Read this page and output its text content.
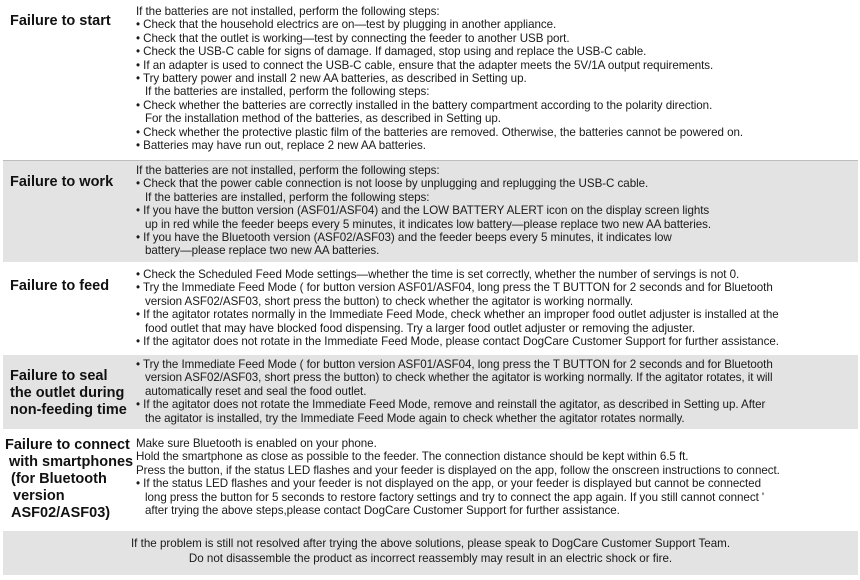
Failure to start
If the batteries are not installed, perform the following steps:
• Check that the household electrics are on—test by plugging in another appliance.
• Check that the outlet is working—test by connecting the feeder to another USB port.
• Check the USB-C cable for signs of damage. If damaged, stop using and replace the USB-C cable.
• If an adapter is used to connect the USB-C cable, ensure that the adapter meets the 5V/1A output requirements.
• Try battery power and install 2 new AA batteries, as described in Setting up.
If the batteries are installed, perform the following steps:
• Check whether the batteries are correctly installed in the battery compartment according to the polarity direction.
For the installation method of the batteries, as described in Setting up.
• Check whether the protective plastic film of the batteries are removed. Otherwise, the batteries cannot be powered on.
• Batteries may have run out, replace 2 new AA batteries.
Failure to work
If the batteries are not installed, perform the following steps:
• Check that the power cable connection is not loose by unplugging and replugging the USB-C cable.
If the batteries are installed, perform the following steps:
• If you have the button version (ASF01/ASF04) and the LOW BATTERY ALERT icon on the display screen lights
up in red while the feeder beeps every 5 minutes, it indicates low battery—please replace two new AA batteries.
• If you have the Bluetooth version (ASF02/ASF03) and the feeder beeps every 5 minutes, it indicates low
battery—please replace two new AA batteries.
Failure to feed
• Check the Scheduled Feed Mode settings—whether the time is set correctly, whether the number of servings is not 0.
• Try the Immediate Feed Mode ( for button version ASF01/ASF04, long press the T BUTTON for 2 seconds and for Bluetooth
version ASF02/ASF03, short press the button) to check whether the agitator is working normally.
• If the agitator rotates normally in the Immediate Feed Mode, check whether an improper food outlet adjuster is installed at the
food outlet that may have blocked food dispensing. Try a larger food outlet adjuster or removing the adjuster.
• If the agitator does not rotate in the Immediate Feed Mode, please contact DogCare Customer Support for further assistance.
Failure to seal
the outlet during
non-feeding time
• Try the Immediate Feed Mode ( for button version ASF01/ASF04, long press the T BUTTON for 2 seconds and for Bluetooth
version ASF02/ASF03, short press the button) to check whether the agitator is working normally. If the agitator rotates, it will
automatically reset and seal the food outlet.
• If the agitator does not rotate the Immediate Feed Mode, remove and reinstall the agitator, as described in Setting up. After
the agitator is installed, try the Immediate Feed Mode again to check whether the agitator rotates normally.
Failure to connect
with smartphones
(for Bluetooth
version
ASF02/ASF03)
Make sure Bluetooth is enabled on your phone.
Hold the smartphone as close as possible to the feeder. The connection distance should be kept within 6.5 ft.
Press the button, if the status LED flashes and your feeder is displayed on the app, follow the onscreen instructions to connect.
• If the status LED flashes and your feeder is not displayed on the app, or your feeder is displayed but cannot be connected
long press the button for 5 seconds to restore factory settings and try to connect the app again. If you still cannot connect '
after trying the above steps,please contact DogCare Customer Support for further assistance.
If the problem is still not resolved after trying the above solutions, please speak to DogCare Customer Support Team.
Do not disassemble the product as incorrect reassembly may result in an electric shock or fire.
